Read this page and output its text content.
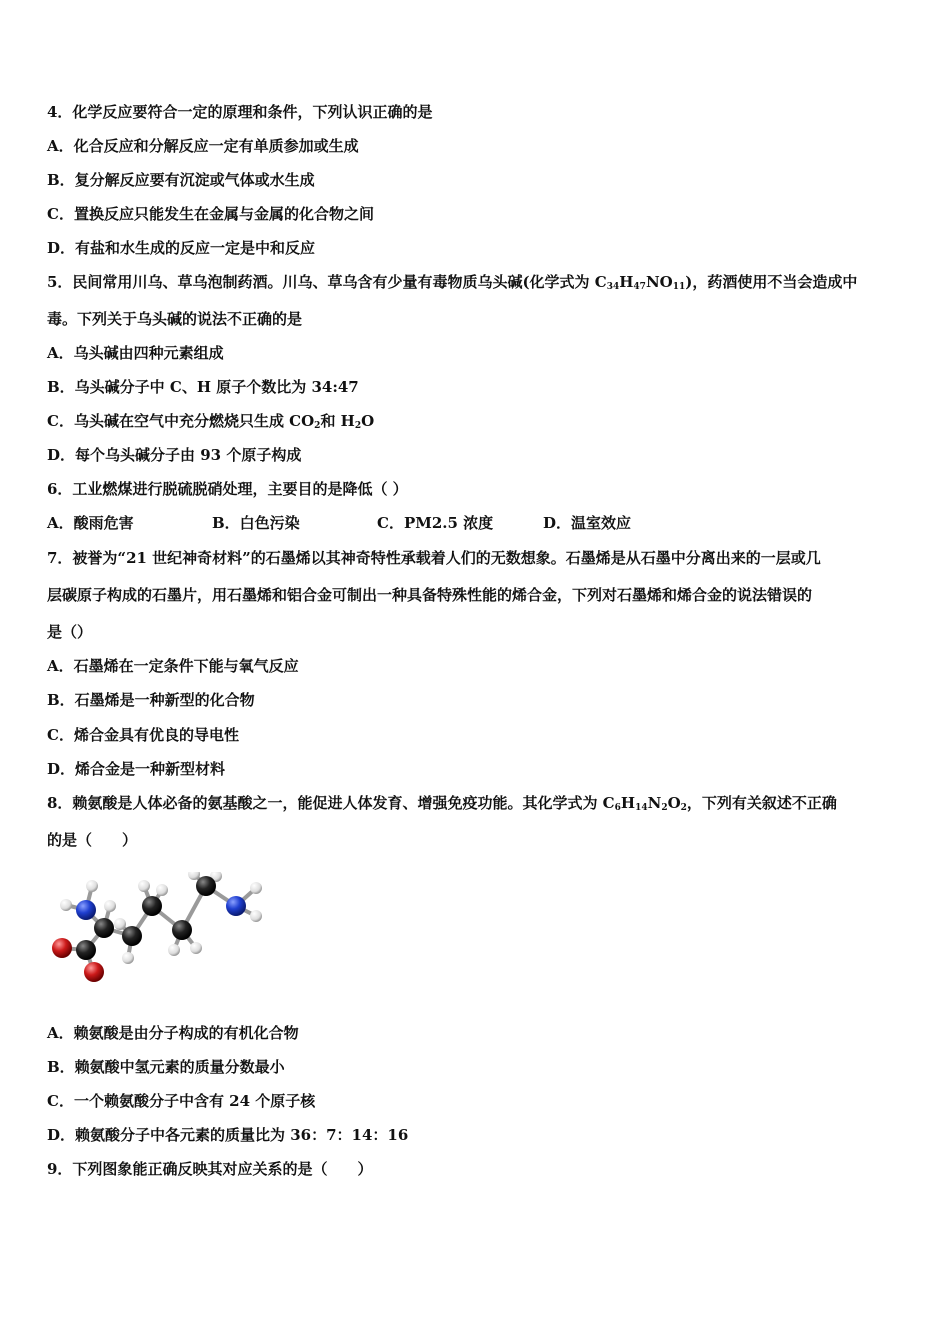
4．化学反应要符合一定的原理和条件，下列认识正确的是
A．化合反应和分解反应一定有单质参加或生成
B．复分解反应要有沉淀或气体或水生成
C．置换反应只能发生在金属与金属的化合物之间
D．有盐和水生成的反应一定是中和反应
5．民间常用川乌、草乌泡制药酒。川乌、草乌含有少量有毒物质乌头碱(化学式为 $C_{34}H_{47}NO_{11}$)，药酒使用不当会造成中
毒。下列关于乌头碱的说法不正确的是
A．乌头碱由四种元素组成
B．乌头碱分子中 C、H 原子个数比为 34:47
C．乌头碱在空气中充分燃烧只生成 $CO_2$和 $H_2O$
D．每个乌头碱分子由 93 个原子构成
6．工业燃煤进行脱硫脱硝处理，主要目的是降低（ ）
A．酸雨危害	B．白色污染	C．PM2.5 浓度	D．温室效应
7．被誉为“21 世纪神奇材料”的石墨烯以其神奇特性承载着人们的无数想象。石墨烯是从石墨中分离出来的一层或几
层碳原子构成的石墨片，用石墨烯和铝合金可制出一种具备特殊性能的烯合金，下列对石墨烯和烯合金的说法错误的
是（）
A．石墨烯在一定条件下能与氧气反应
B．石墨烯是一种新型的化合物
C．烯合金具有优良的导电性
D．烯合金是一种新型材料
8．赖氨酸是人体必备的氨基酸之一，能促进人体发育、增强免疫功能。其化学式为 $C_6H_{14}N_2O_2$，下列有关叙述不正确
的是（　　）
A．赖氨酸是由分子构成的有机化合物
B．赖氨酸中氢元素的质量分数最小
C．一个赖氨酸分子中含有 24 个原子核
D．赖氨酸分子中各元素的质量比为 36：7：14：16
9．下列图象能正确反映其对应关系的是（　　）
